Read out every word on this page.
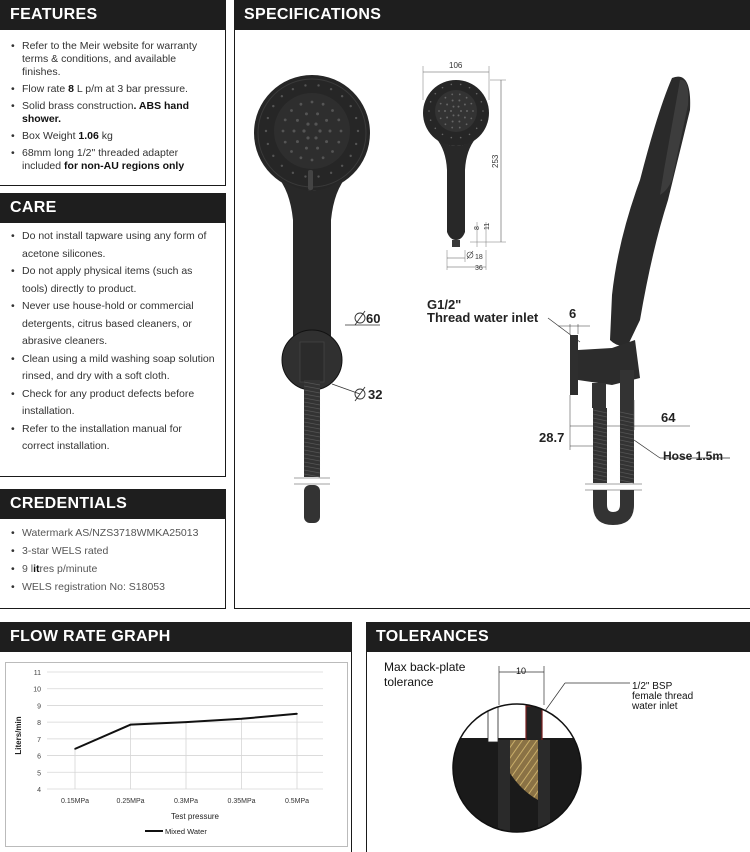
FEATURES
• Refer to the Meir website for warranty terms & conditions, and available finishes.
• Flow rate 8 L p/m at 3 bar pressure.
• Solid brass construction. ABS hand shower.
• Box Weight 1.06 kg
• 68mm long 1/2" threaded adapter included for non-AU regions only
CARE
• Do not install tapware using any form of acetone silicones.
• Do not apply physical items (such as tools) directly to product.
• Never use house-hold or commercial detergents, citrus based cleaners, or abrasive cleaners.
• Clean using a mild washing soap solution rinsed, and dry with a soft cloth.
• Check for any product defects before installation.
• Refer to the installation manual for correct installation.
CREDENTIALS
• Watermark AS/NZS3718WMKA25013
• 3-star WELS rated
• 9 litres p/minute
• WELS registration No: S18053
SPECIFICATIONS
60
32
106
253
8 11
18
36
G1/2"
Thread water inlet 6
64
28.7
Hose 1.5m
FLOW RATE GRAPH
4
5
6
7
8
9
10
11
0.15MPa	0.25MPa	0.3MPa	0.35MPa	0.5MPa
Test pressure
Liters/min
Mixed Water
TOLERANCES
Max back-plate
tolerance
10
1/2" BSP
female thread
water inlet
